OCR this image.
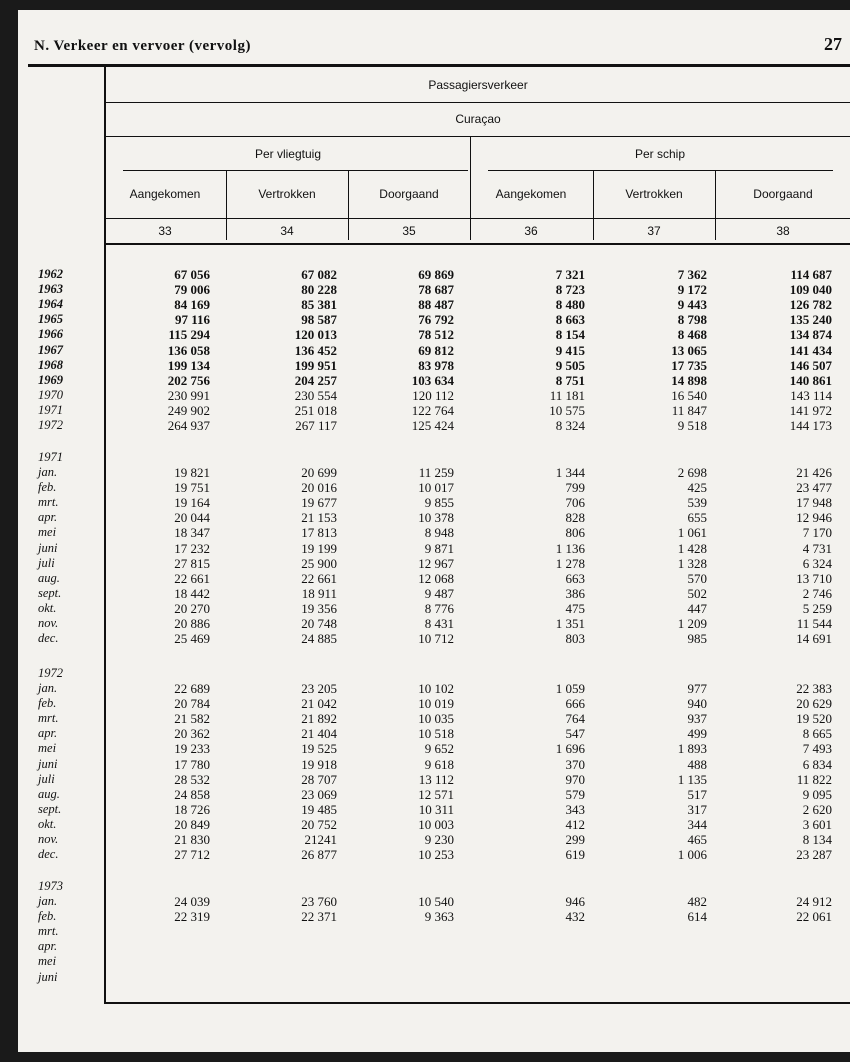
N. Verkeer en vervoer (vervolg)	27
Passagiersverkeer
Curaçao
Per vliegtuig	Per schip
Aangekomen	Vertrokken	Doorgaand	Aangekomen	Vertrokken	Doorgaand
33	34	35	36	37	38
1962	67 056	67 082	69 869	7 321	7 362	114 687
1963	79 006	80 228	78 687	8 723	9 172	109 040
1964	84 169	85 381	88 487	8 480	9 443	126 782
1965	97 116	98 587	76 792	8 663	8 798	135 240
1966	115 294	120 013	78 512	8 154	8 468	134 874
1967	136 058	136 452	69 812	9 415	13 065	141 434
1968	199 134	199 951	83 978	9 505	17 735	146 507
1969	202 756	204 257	103 634	8 751	14 898	140 861
1970	230 991	230 554	120 112	11 181	16 540	143 114
1971	249 902	251 018	122 764	10 575	11 847	141 972
1972	264 937	267 117	125 424	8 324	9 518	144 173
1971
jan.	19 821	20 699	11 259	1 344	2 698	21 426
feb.	19 751	20 016	10 017	799	425	23 477
mrt.	19 164	19 677	9 855	706	539	17 948
apr.	20 044	21 153	10 378	828	655	12 946
mei	18 347	17 813	8 948	806	1 061	7 170
juni	17 232	19 199	9 871	1 136	1 428	4 731
juli	27 815	25 900	12 967	1 278	1 328	6 324
aug.	22 661	22 661	12 068	663	570	13 710
sept.	18 442	18 911	9 487	386	502	2 746
okt.	20 270	19 356	8 776	475	447	5 259
nov.	20 886	20 748	8 431	1 351	1 209	11 544
dec.	25 469	24 885	10 712	803	985	14 691
1972
jan.	22 689	23 205	10 102	1 059	977	22 383
feb.	20 784	21 042	10 019	666	940	20 629
mrt.	21 582	21 892	10 035	764	937	19 520
apr.	20 362	21 404	10 518	547	499	8 665
mei	19 233	19 525	9 652	1 696	1 893	7 493
juni	17 780	19 918	9 618	370	488	6 834
juli	28 532	28 707	13 112	970	1 135	11 822
aug.	24 858	23 069	12 571	579	517	9 095
sept.	18 726	19 485	10 311	343	317	2 620
okt.	20 849	20 752	10 003	412	344	3 601
nov.	21 830	21241	9 230	299	465	8 134
dec.	27 712	26 877	10 253	619	1 006	23 287
1973
jan.	24 039	23 760	10 540	946	482	24 912
feb.	22 319	22 371	9 363	432	614	22 061
mrt.
apr.
mei
juni
